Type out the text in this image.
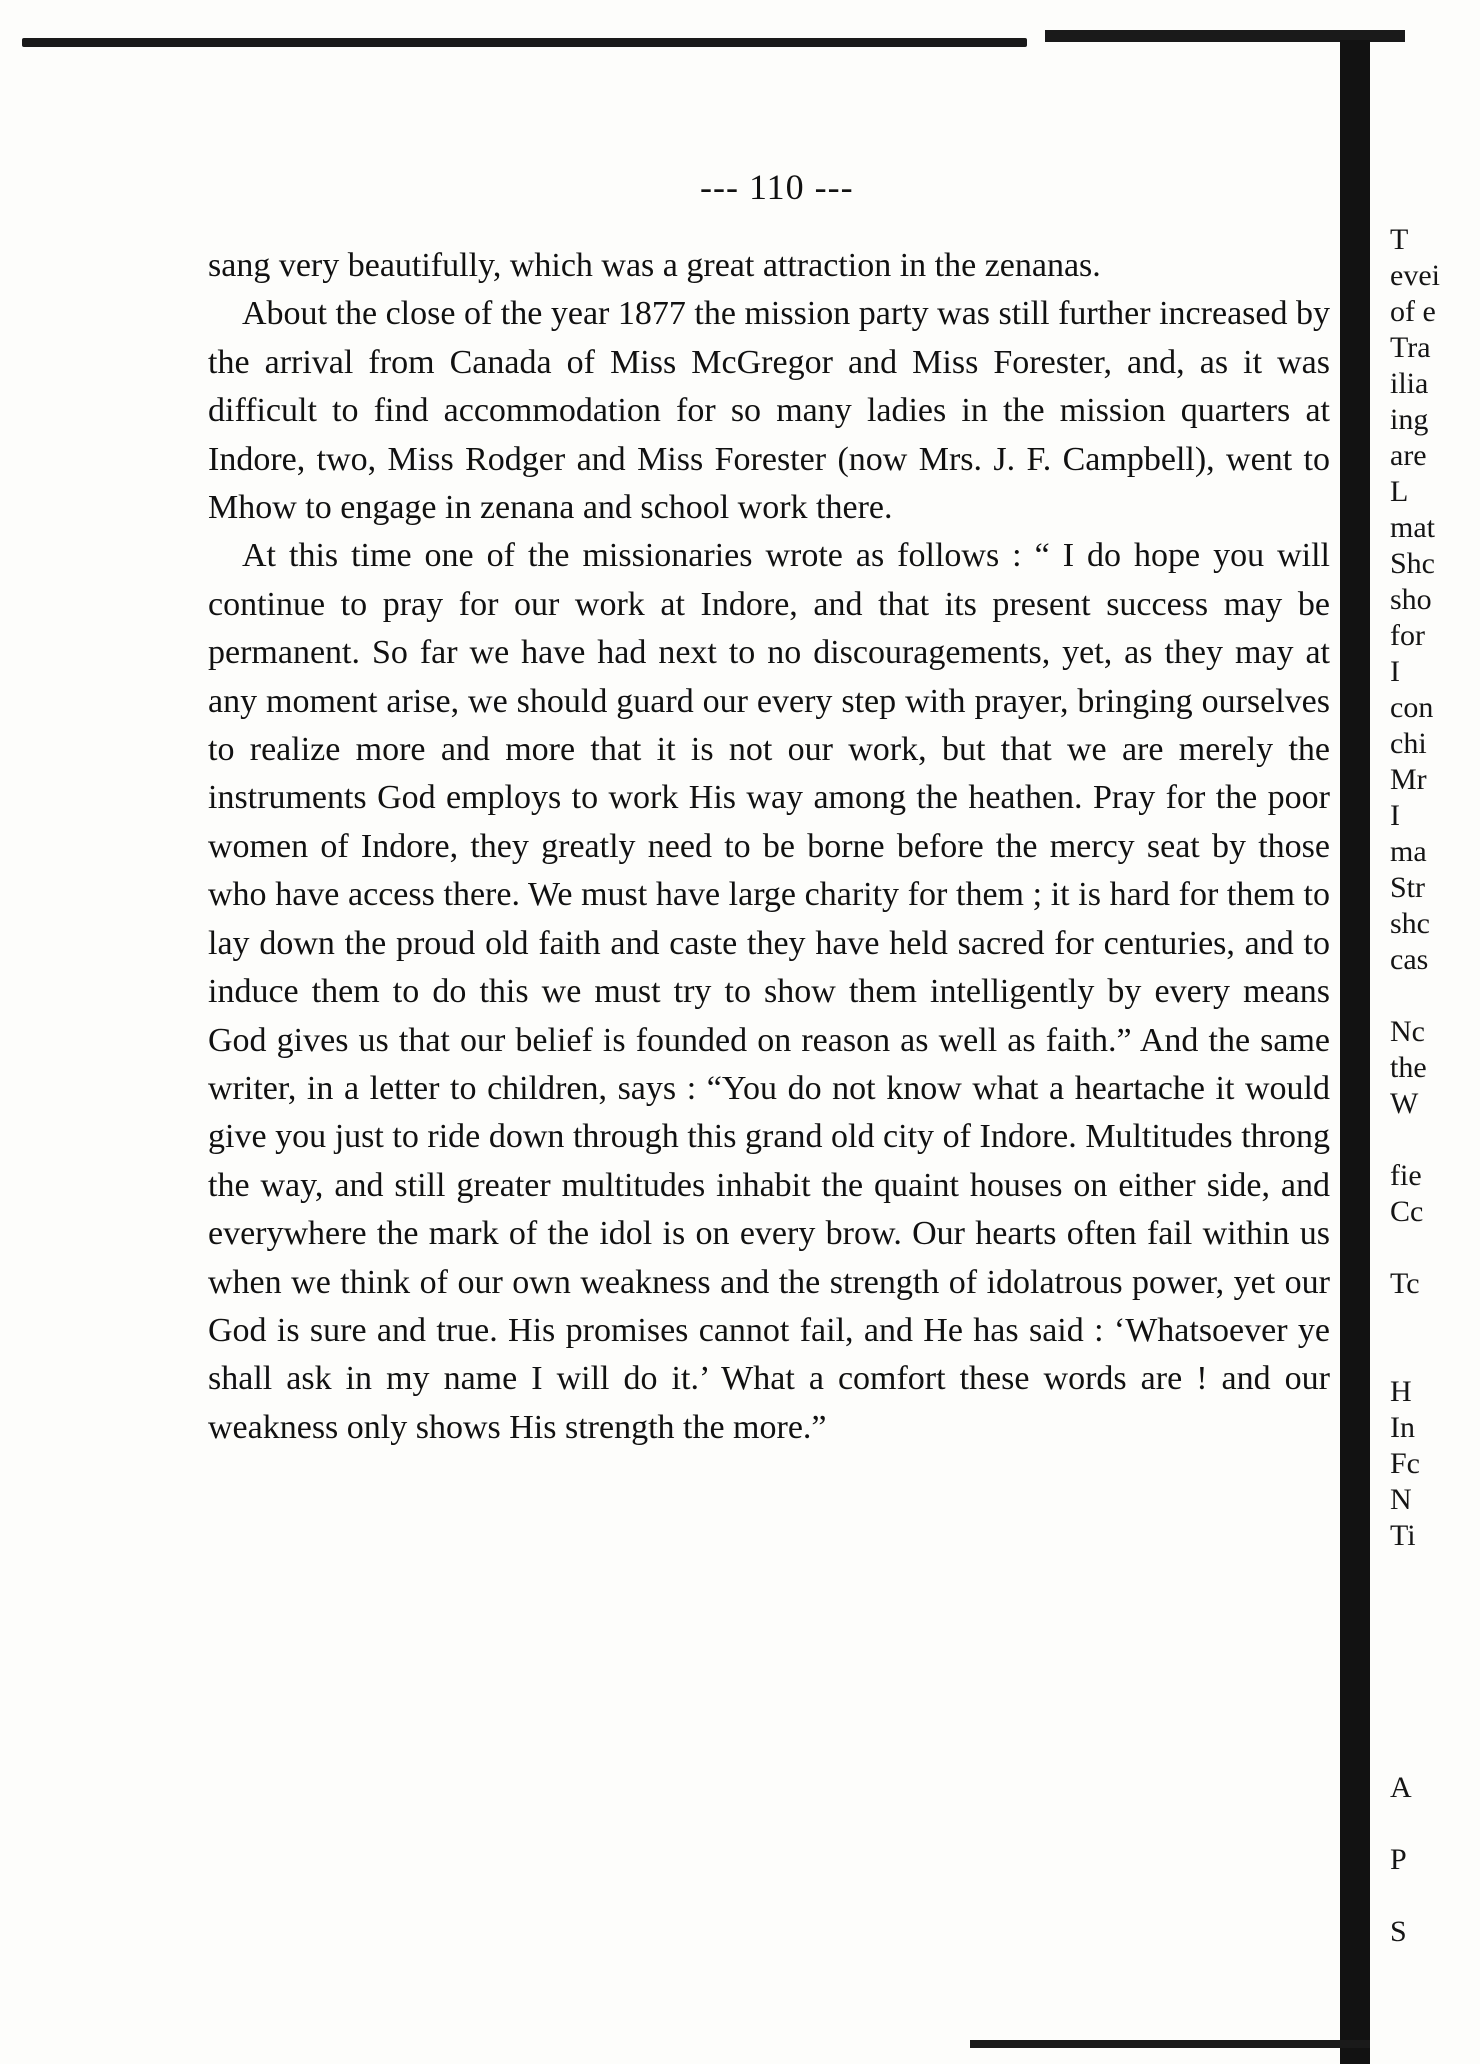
--- 110 ---

sang very beautifully, which was a great attraction in the zenanas.

About the close of the year 1877 the mission party was still further increased by the arrival from Canada of Miss McGregor and Miss Forester, and, as it was difficult to find accommodation for so many ladies in the mission quarters at Indore, two, Miss Rodger and Miss Forester (now Mrs. J. F. Campbell), went to Mhow to engage in zenana and school work there.

At this time one of the missionaries wrote as follows : “ I do hope you will continue to pray for our work at Indore, and that its present success may be permanent. So far we have had next to no discouragements, yet, as they may at any moment arise, we should guard our every step with prayer, bringing ourselves to realize more and more that it is not our work, but that we are merely the instruments God employs to work His way among the heathen. Pray for the poor women of Indore, they greatly need to be borne before the mercy seat by those who have access there. We must have large charity for them ; it is hard for them to lay down the proud old faith and caste they have held sacred for centuries, and to induce them to do this we must try to show them intelligently by every means God gives us that our belief is founded on reason as well as faith.” And the same writer, in a letter to children, says : “You do not know what a heartache it would give you just to ride down through this grand old city of Indore. Multitudes throng the way, and still greater multitudes inhabit the quaint houses on either side, and everywhere the mark of the idol is on every brow. Our hearts often fail within us when we think of our own weakness and the strength of idolatrous power, yet our God is sure and true. His promises cannot fail, and He has said : ‘Whatsoever ye shall ask in my name I will do it.’ What a comfort these words are ! and our weakness only shows His strength the more.”

T
evei
of e
Tra
ilia
ing
are
L
mat
Shc
sho
for
I
con
chi
Mr
I
ma
Str
shc
cas

Nc
the
W

fie
Cc

Tc

H
In
Fc
N
Ti

A

P

S
